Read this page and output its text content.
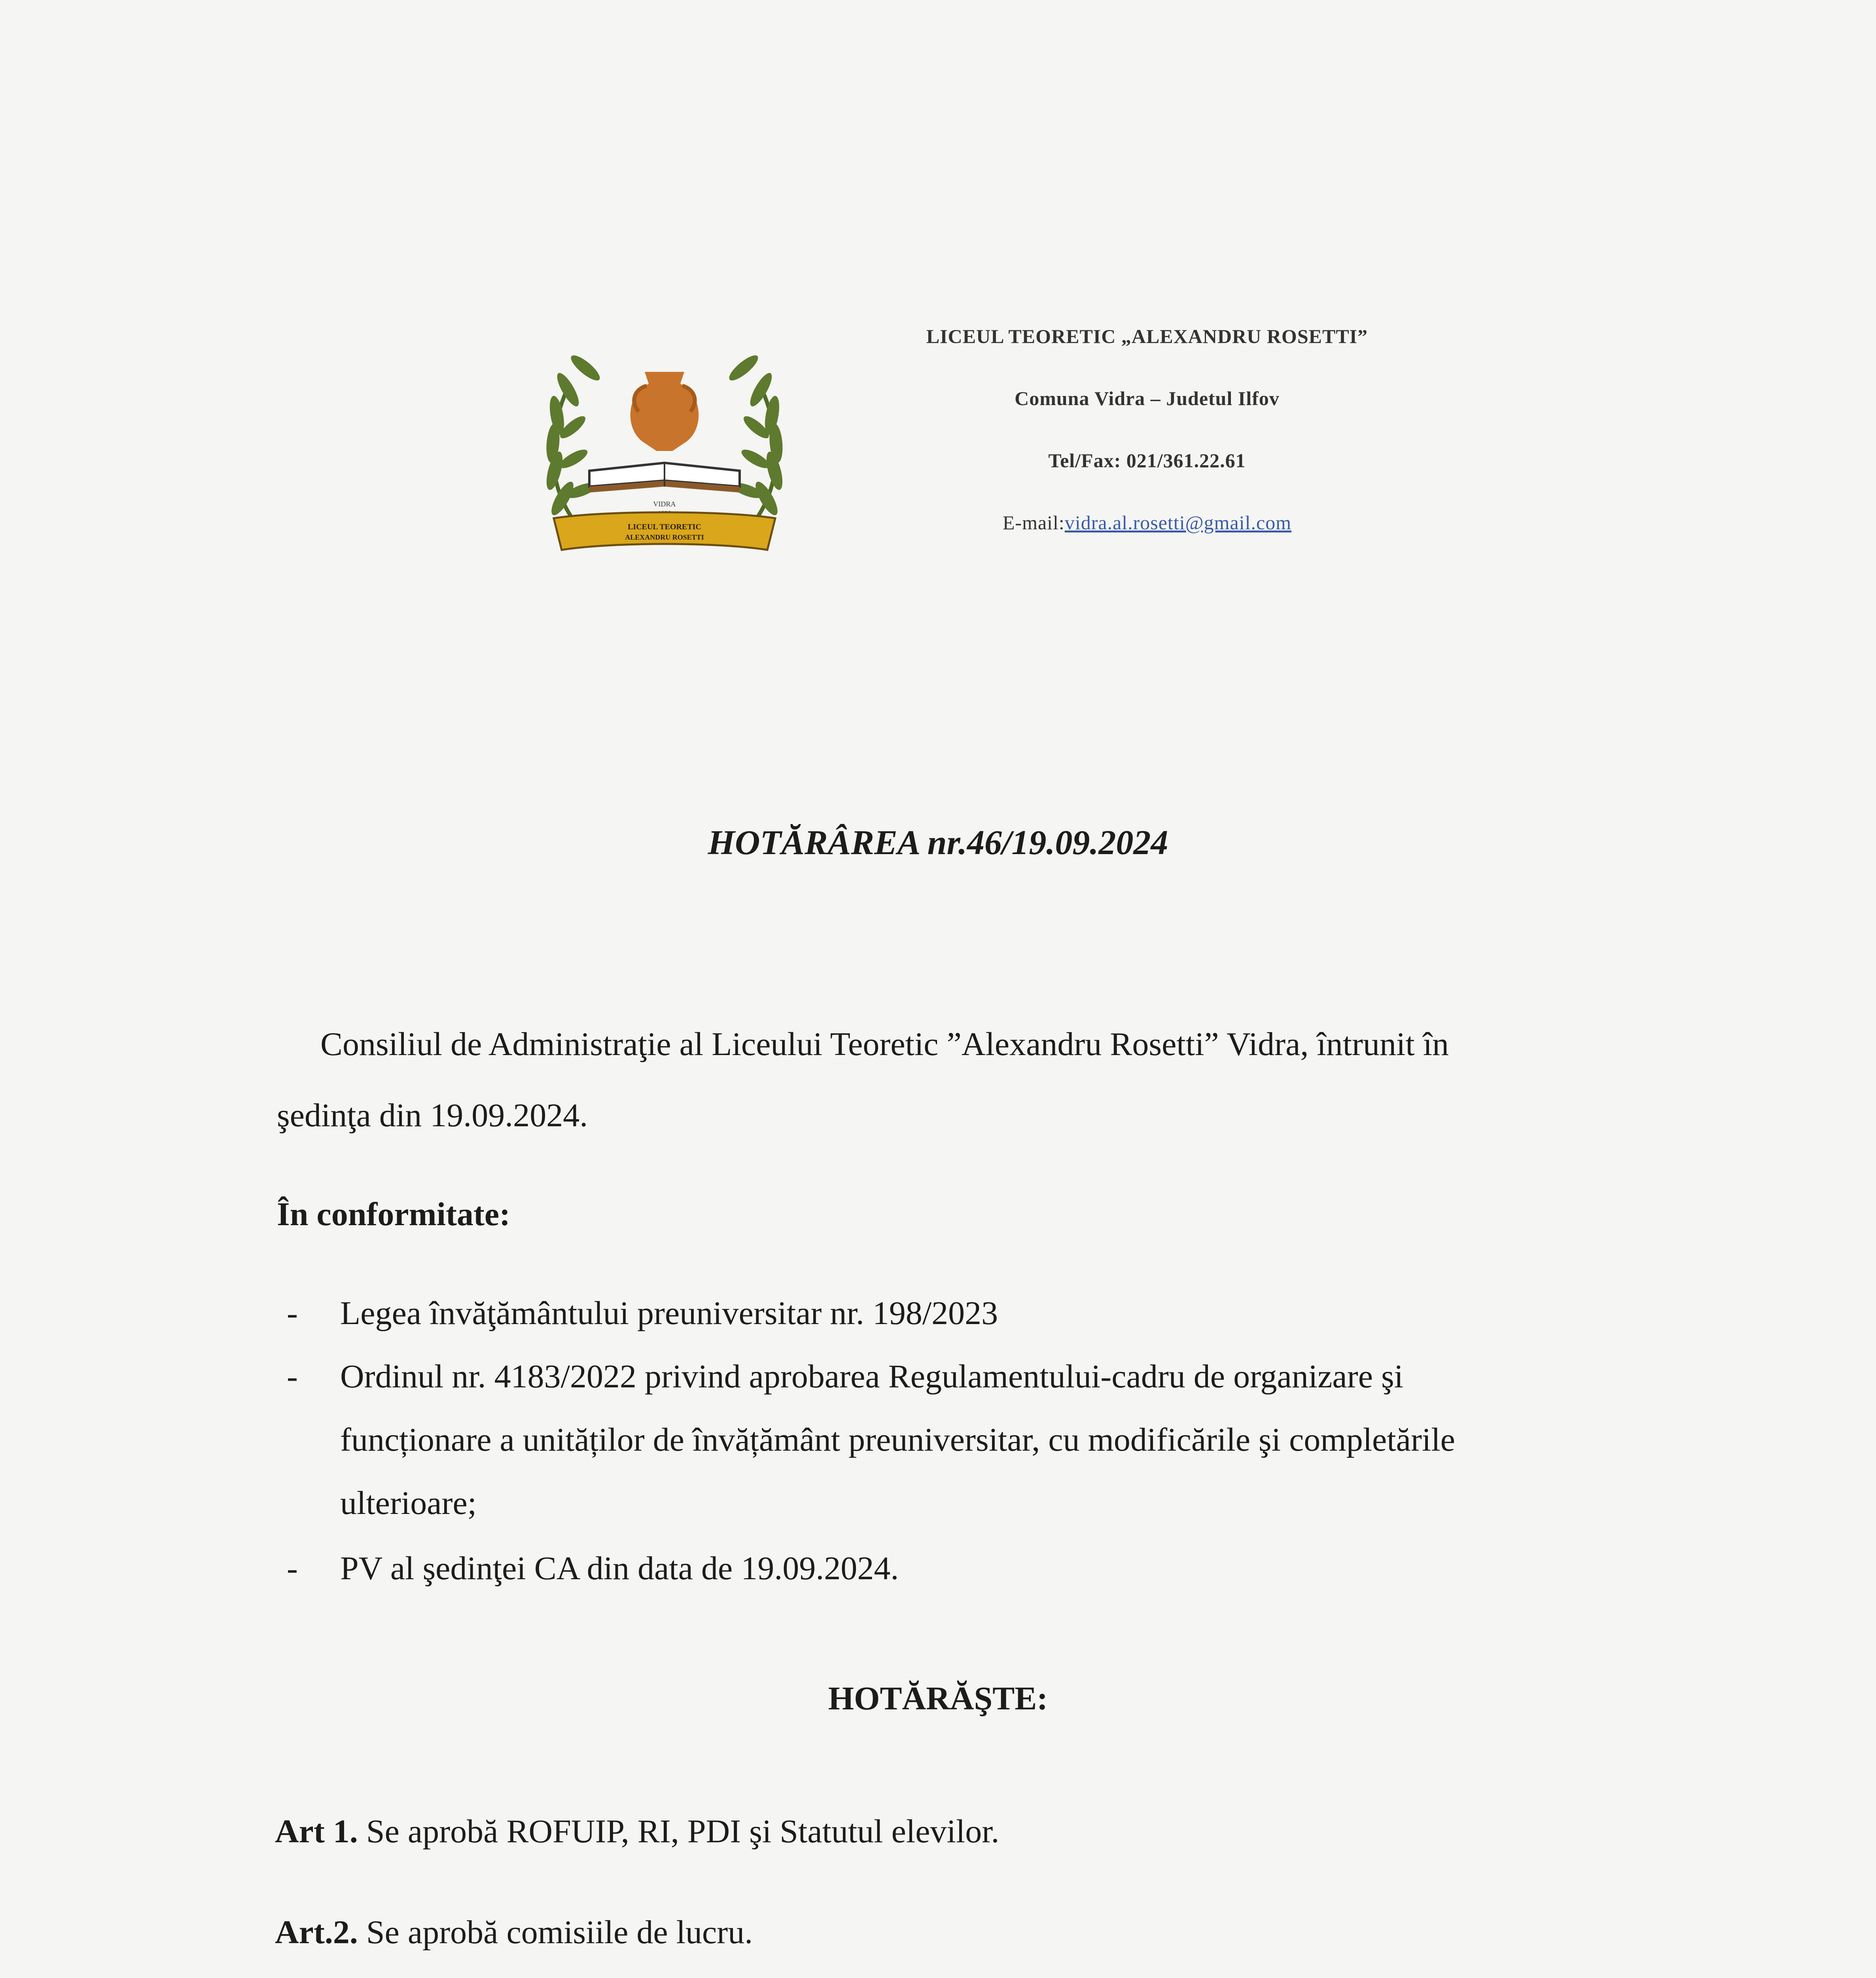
VIDRA
LICEUL TEORETIC
ALEXANDRU ROSETTI
LICEUL TEORETIC „ALEXANDRU ROSETTI”
Comuna Vidra – Judetul Ilfov
Tel/Fax: 021/361.22.61
E-mail:vidra.al.rosetti@gmail.com
HOTĂRÂREA nr.46/19.09.2024
Consiliul de Administraţie al Liceului Teoretic ”Alexandru Rosetti” Vidra, întrunit în
şedinţa din 19.09.2024.
În conformitate:
- Legea învăţământului preuniversitar nr. 198/2023
- Ordinul nr. 4183/2022 privind aprobarea Regulamentului-cadru de organizare şi
funcționare a unităților de învățământ preuniversitar, cu modificările şi completările
ulterioare;
- PV al şedinţei CA din data de 19.09.2024.
HOTĂRĂŞTE:
Art 1. Se aprobă ROFUIP, RI, PDI şi Statutul elevilor.
Art.2. Se aprobă comisiile de lucru.
